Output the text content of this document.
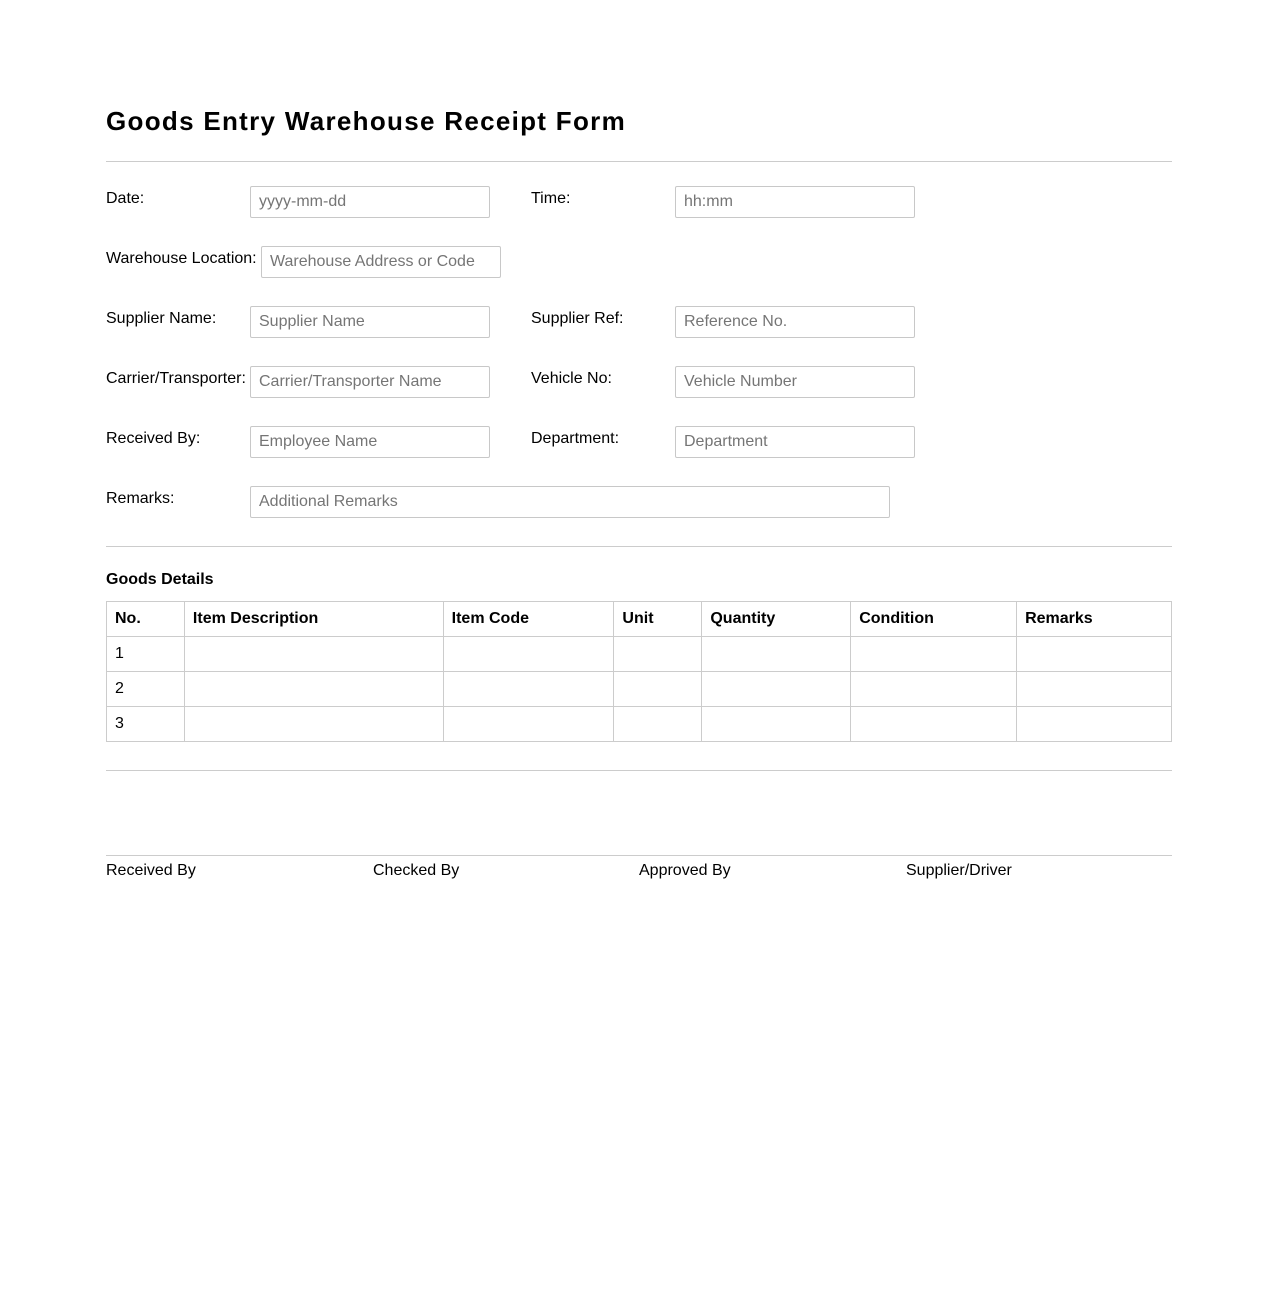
Goods Entry Warehouse Receipt Form
Date:
yyyy-mm-dd	Time:
hh:mm
Warehouse Location:
Warehouse Address or Code
Supplier Name:
Supplier Name	Supplier Ref:
Reference No.
Carrier/Transporter:
Carrier/Transporter Name	Vehicle No:
Vehicle Number
Received By:
Employee Name	Department:
Department
Remarks:
Additional Remarks
Goods Details
No.	Item Description	Item Code	Unit	Quantity	Condition	Remarks
1						
2						
3						
Received By	Checked By	Approved By	Supplier/Driver
